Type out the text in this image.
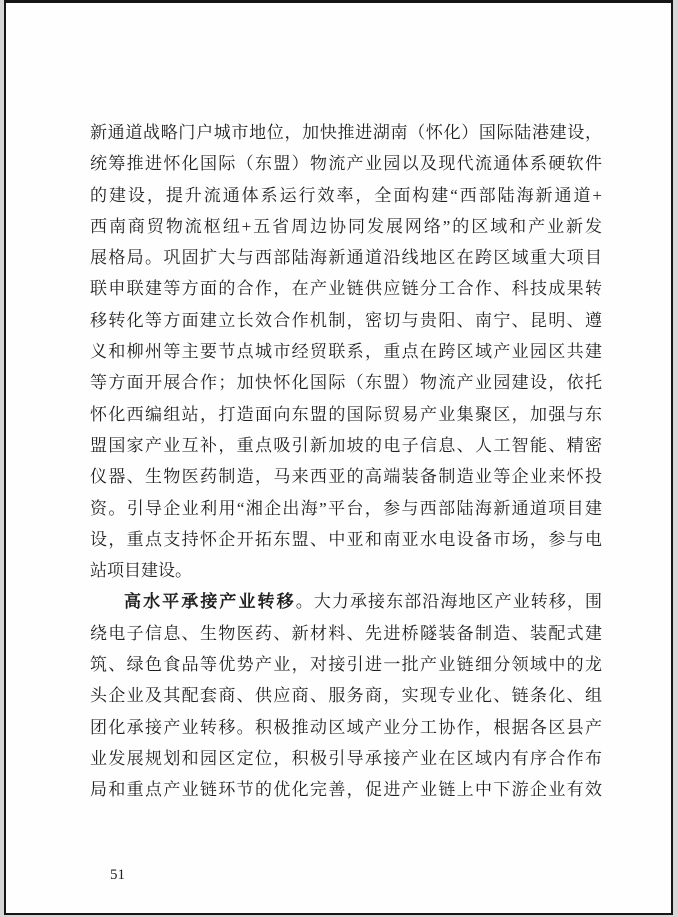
新通道战略门户城市地位，加快推进湖南（怀化）国际陆港建设，
统筹推进怀化国际（东盟）物流产业园以及现代流通体系硬软件
的建设，提升流通体系运行效率，全面构建“西部陆海新通道+
西南商贸物流枢纽+五省周边协同发展网络”的区域和产业新发
展格局。巩固扩大与西部陆海新通道沿线地区在跨区域重大项目
联申联建等方面的合作，在产业链供应链分工合作、科技成果转
移转化等方面建立长效合作机制，密切与贵阳、南宁、昆明、遵
义和柳州等主要节点城市经贸联系，重点在跨区域产业园区共建
等方面开展合作；加快怀化国际（东盟）物流产业园建设，依托
怀化西编组站，打造面向东盟的国际贸易产业集聚区，加强与东
盟国家产业互补，重点吸引新加坡的电子信息、人工智能、精密
仪器、生物医药制造，马来西亚的高端装备制造业等企业来怀投
资。引导企业利用“湘企出海”平台，参与西部陆海新通道项目建
设，重点支持怀企开拓东盟、中亚和南亚水电设备市场，参与电
站项目建设。
高水平承接产业转移。大力承接东部沿海地区产业转移，围
绕电子信息、生物医药、新材料、先进桥隧装备制造、装配式建
筑、绿色食品等优势产业，对接引进一批产业链细分领域中的龙
头企业及其配套商、供应商、服务商，实现专业化、链条化、组
团化承接产业转移。积极推动区域产业分工协作，根据各区县产
业发展规划和园区定位，积极引导承接产业在区域内有序合作布
局和重点产业链环节的优化完善，促进产业链上中下游企业有效
51
